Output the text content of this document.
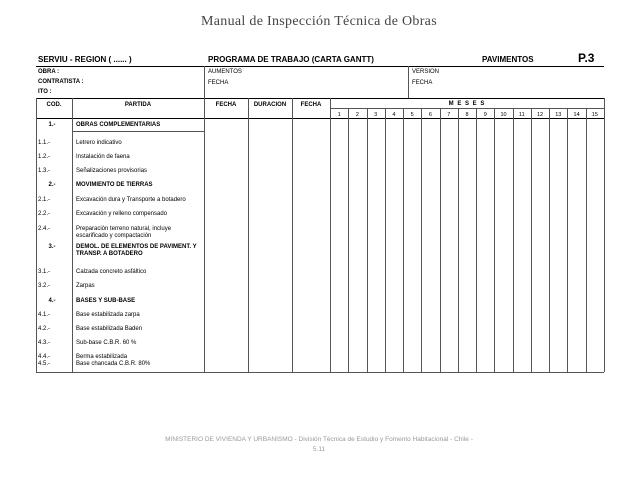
Manual de Inspección Técnica de Obras
SERVIU - REGION ( ...... )	PROGRAMA DE TRABAJO (CARTA GANTT)	PAVIMENTOS	P.3
OBRA :
CONTRATISTA :
ITO :
AUMENTOS
FECHA
VERSION
FECHA
COD.	PARTIDA	FECHA	DURACION	FECHA	M E S E S
1	2	3	4	5	6	7	8	9	10	11	12	13	14	15
1.-	OBRAS COMPLEMENTARIAS
1.1.-	Letrero indicativo
1.2.-	Instalación de faena
1.3.-	Señalizaciones provisorias
2.-	MOVIMIENTO DE TIERRAS
2.1.-	Excavación dura y Transporte a botadero
2.2.-	Excavación y relleno compensado
2.4.-	Preparación terreno natural, incluye escarificado y compactación
3.-	DEMOL. DE ELEMENTOS DE PAVIMENT. Y TRANSP. A BOTADERO
3.1.-	Calzada concreto asfáltico
3.2.-	Zarpas
4.-	BASES Y SUB-BASE
4.1.-	Base estabilizada zarpa
4.2.-	Base estabilizada Baden
4.3.-	Sub-base C.B.R. 60 %
4.4.-	Berma estabilizada
4.5.-	Base chancada C.B.R. 80%
MINISTERIO DE VIVIENDA Y URBANISMO - División Técnica de Estudio y Fomento Habitacional - Chile -
5.11
